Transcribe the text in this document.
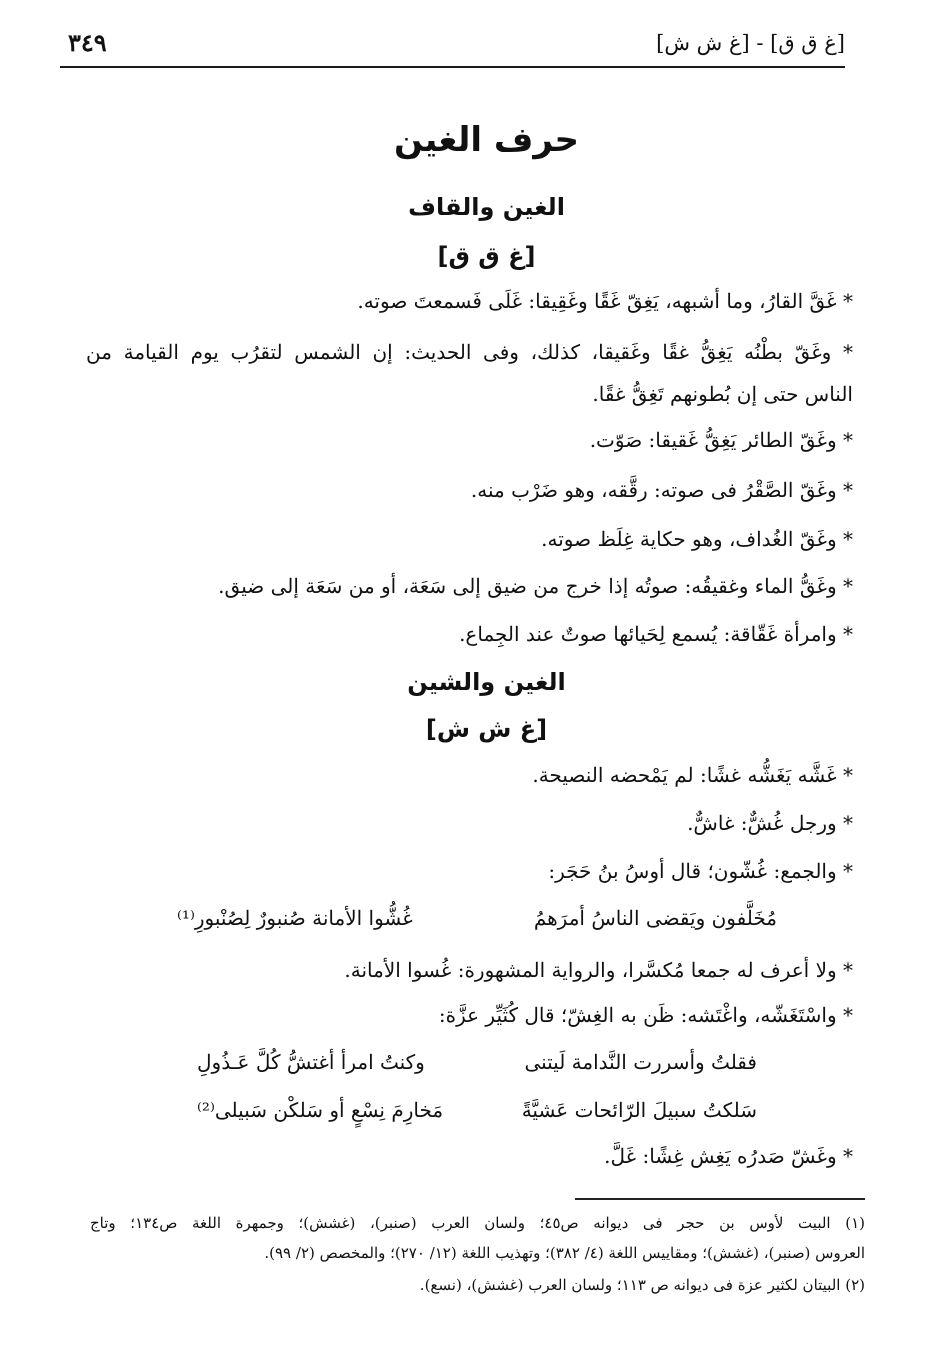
[غ ق ق] - [غ ش ش]
٣٤٩
حرف الغين
الغين والقاف
[غ ق ق]
* غَقَّ القارُ، وما أشبهه، يَغِقّ غَقًا وغَقِيقا: غَلَى فَسمعتَ صوته.
* وغَقّ بطْنُه يَغِقُّ غقًا وغَقيقا، كذلك، وفى الحديث: إن الشمس لتقرُب يوم القيامة من
الناس حتى إن بُطونهم تَغِقُّ غقًا.
* وغَقّ الطائر يَغِقُّ غَقيقا: صَوّت.
* وغَقّ الصَّقْرُ فى صوته: رقَّقه، وهو ضَرْب منه.
* وغَقّ الغُداف، وهو حكاية غِلَظ صوته.
* وغَقُّ الماء وغقيقُه: صوتُه إذا خرج من ضيق إلى سَعَة، أو من سَعَة إلى ضيق.
* وامرأة غَقّاقة: يُسمع لِحَيائها صوتٌ عند الجِماع.
الغين والشين
[غ ش ش]
* غَشَّه يَغَشُّه غشًا: لم يَمْحضه النصيحة.
* ورجل غُشٌّ: غاشٌّ.
* والجمع: غُشّون؛ قال أوسُ بنُ حَجَر:
مُخَلَّفون ويَقضى الناسُ أمرَهمُ
غُشُّوا الأمانة صُنبورٌ لِصُنْبورِ⁽¹⁾
* ولا أعرف له جمعا مُكسَّرا، والرواية المشهورة: غُسوا الأمانة.
* واسْتَغَشّه، واغْتَشه: ظَن به الغِشّ؛ قال كُثَيِّر عزَّة:
فقلتُ وأسررت النَّدامة لَيتنى
وكنتُ امرأ أغتشُّ كُلَّ عَـذُولِ
سَلكتُ سبيلَ الرّائحات عَشيَّةً
مَخارِمَ نِسْعٍ أو سَلكْن سَبيلى⁽²⁾
* وغَشّ صَدرُه يَغِش غِشًا: غَلَّ.
(١) البيت لأوس بن حجر فى ديوانه ص٤٥؛ ولسان العرب (صنبر)، (غشش)؛ وجمهرة اللغة ص١٣٤؛ وتاج
العروس (صنبر)، (غشش)؛ ومقاييس اللغة (٤/ ٣٨٢)؛ وتهذيب اللغة (١٢/ ٢٧٠)؛ والمخصص (٢/ ٩٩).
(٢) البيتان لكثير عزة فى ديوانه ص ١١٣؛ ولسان العرب (غشش)، (نسع).
